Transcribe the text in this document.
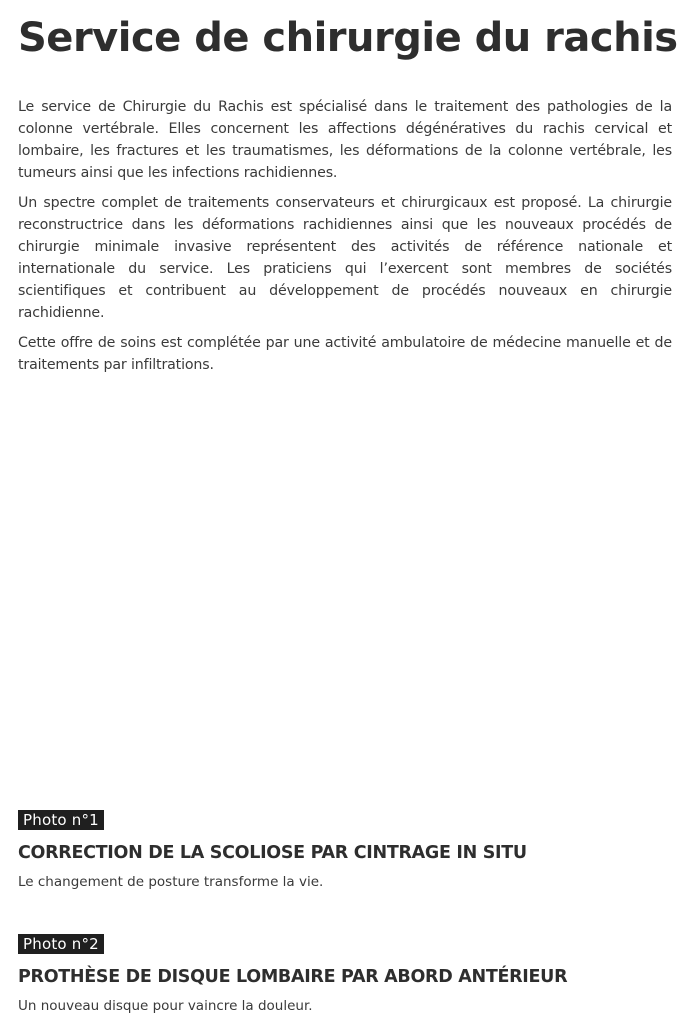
Service de chirurgie du rachis

Le service de Chirurgie du Rachis est spécialisé dans le traitement des pathologies de la colonne vertébrale. Elles concernent les affections dégénératives du rachis cervical et lombaire, les fractures et les traumatismes, les déformations de la colonne vertébrale, les tumeurs ainsi que les infections rachidiennes.

Un spectre complet de traitements conservateurs et chirurgicaux est proposé. La chirurgie reconstructrice dans les déformations rachidiennes ainsi que les nouveaux procédés de chirurgie minimale invasive représentent des activités de référence nationale et internationale du service. Les praticiens qui l’exercent sont membres de sociétés scientifiques et contribuent au développement de procédés nouveaux en chirurgie rachidienne.

Cette offre de soins est complétée par une activité ambulatoire de médecine manuelle et de traitements par infiltrations.

Photo n°1
CORRECTION DE LA SCOLIOSE PAR CINTRAGE IN SITU

Le changement de posture transforme la vie.

Photo n°2
PROTHÈSE DE DISQUE LOMBAIRE PAR ABORD ANTÉRIEUR

Un nouveau disque pour vaincre la douleur.
